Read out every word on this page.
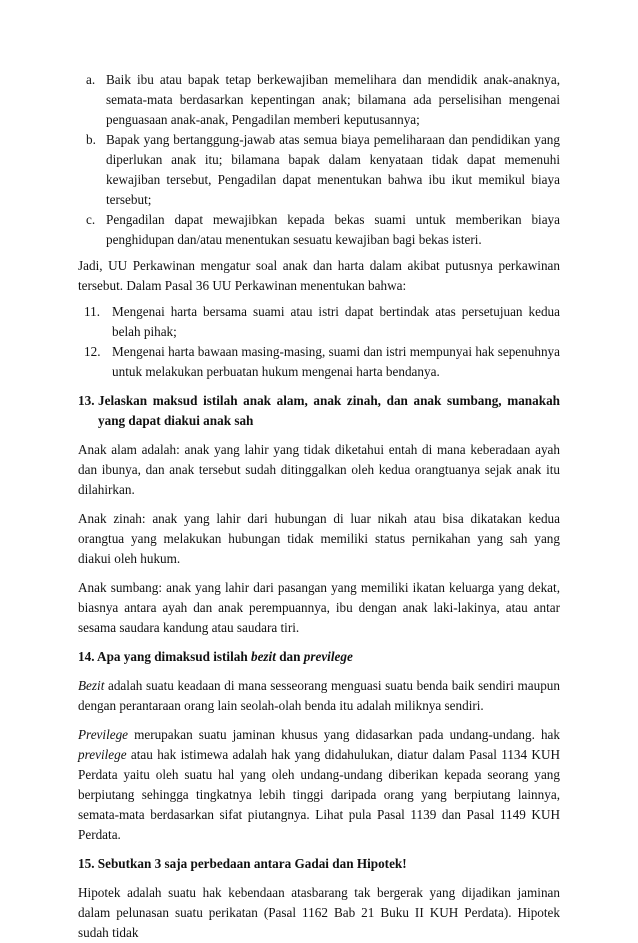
a. Baik ibu atau bapak tetap berkewajiban memelihara dan mendidik anak-anaknya, semata-mata berdasarkan kepentingan anak; bilamana ada perselisihan mengenai penguasaan anak-anak, Pengadilan memberi keputusannya;
b. Bapak yang bertanggung-jawab atas semua biaya pemeliharaan dan pendidikan yang diperlukan anak itu; bilamana bapak dalam kenyataan tidak dapat memenuhi kewajiban tersebut, Pengadilan dapat menentukan bahwa ibu ikut memikul biaya tersebut;
c. Pengadilan dapat mewajibkan kepada bekas suami untuk memberikan biaya penghidupan dan/atau menentukan sesuatu kewajiban bagi bekas isteri.

Jadi, UU Perkawinan mengatur soal anak dan harta dalam akibat putusnya perkawinan tersebut. Dalam Pasal 36 UU Perkawinan menentukan bahwa:

11. Mengenai harta bersama suami atau istri dapat bertindak atas persetujuan kedua belah pihak;
12. Mengenai harta bawaan masing-masing, suami dan istri mempunyai hak sepenuhnya untuk melakukan perbuatan hukum mengenai harta bendanya.
13. Jelaskan maksud istilah anak alam, anak zinah, dan anak sumbang, manakah yang dapat diakui anak sah

Anak alam adalah: anak yang lahir yang tidak diketahui entah di mana keberadaan ayah dan ibunya, dan anak tersebut sudah ditinggalkan oleh kedua orangtuanya sejak anak itu dilahirkan.

Anak zinah: anak yang lahir dari hubungan di luar nikah atau bisa dikatakan kedua orangtua yang melakukan hubungan tidak memiliki status pernikahan yang sah yang diakui oleh hukum.

Anak sumbang: anak yang lahir dari pasangan yang memiliki ikatan keluarga yang dekat, biasnya antara ayah dan anak perempuannya, ibu dengan anak laki-lakinya, atau antar sesama saudara kandung atau saudara tiri.

14. Apa yang dimaksud istilah bezit dan previlege

Bezit adalah suatu keadaan di mana sesseorang menguasi suatu benda baik sendiri maupun dengan perantaraan orang lain seolah-olah benda itu adalah miliknya sendiri.

Previlege merupakan suatu jaminan khusus yang didasarkan pada undang-undang. hak previlege atau hak istimewa adalah hak yang didahulukan, diatur dalam Pasal 1134 KUH Perdata yaitu oleh suatu hal yang oleh undang-undang diberikan kepada seorang yang berpiutang sehingga tingkatnya lebih tinggi daripada orang yang berpiutang lainnya, semata-mata berdasarkan sifat piutangnya. Lihat pula Pasal 1139 dan Pasal 1149 KUH Perdata.

15. Sebutkan 3 saja perbedaan antara Gadai dan Hipotek!

Hipotek adalah suatu hak kebendaan atasbarang tak bergerak yang dijadikan jaminan dalam pelunasan suatu perikatan (Pasal 1162 Bab 21 Buku II KUH Perdata). Hipotek sudah tidak
